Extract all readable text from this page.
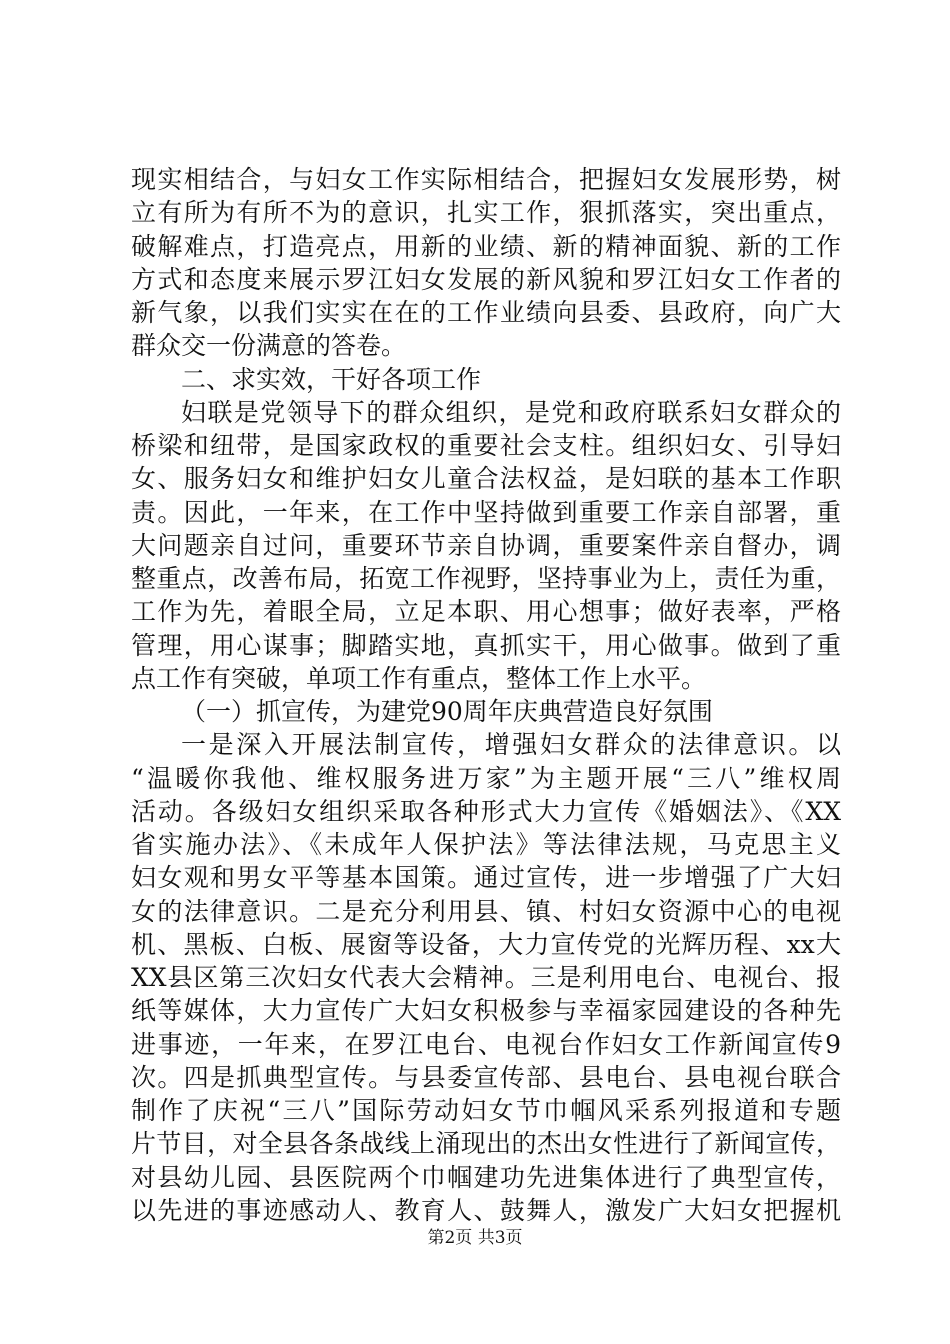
现实相结合，与妇女工作实际相结合，把握妇女发展形势，树
立有所为有所不为的意识，扎实工作，狠抓落实，突出重点，
破解难点，打造亮点，用新的业绩、新的精神面貌、新的工作
方式和态度来展示罗江妇女发展的新风貌和罗江妇女工作者的
新气象，以我们实实在在的工作业绩向县委、县政府，向广大
群众交一份满意的答卷。
二、求实效，干好各项工作
妇联是党领导下的群众组织，是党和政府联系妇女群众的
桥梁和纽带，是国家政权的重要社会支柱。组织妇女、引导妇
女、服务妇女和维护妇女儿童合法权益，是妇联的基本工作职
责。因此，一年来，在工作中坚持做到重要工作亲自部署，重
大问题亲自过问，重要环节亲自协调，重要案件亲自督办，调
整重点，改善布局，拓宽工作视野，坚持事业为上，责任为重，
工作为先，着眼全局，立足本职、用心想事；做好表率，严格
管理，用心谋事；脚踏实地，真抓实干，用心做事。做到了重
点工作有突破，单项工作有重点，整体工作上水平。
（一）抓宣传，为建党90周年庆典营造良好氛围
一是深入开展法制宣传，增强妇女群众的法律意识。以
“温暖你我他、维权服务进万家”为主题开展“三八”维权周
活动。各级妇女组织采取各种形式大力宣传《婚姻法》、《XX
省实施办法》、《未成年人保护法》等法律法规，马克思主义
妇女观和男女平等基本国策。通过宣传，进一步增强了广大妇
女的法律意识。二是充分利用县、镇、村妇女资源中心的电视
机、黑板、白板、展窗等设备，大力宣传党的光辉历程、xx大
XX县区第三次妇女代表大会精神。三是利用电台、电视台、报
纸等媒体，大力宣传广大妇女积极参与幸福家园建设的各种先
进事迹，一年来，在罗江电台、电视台作妇女工作新闻宣传9
次。四是抓典型宣传。与县委宣传部、县电台、县电视台联合
制作了庆祝“三八”国际劳动妇女节巾帼风采系列报道和专题
片节目，对全县各条战线上涌现出的杰出女性进行了新闻宣传，
对县幼儿园、县医院两个巾帼建功先进集体进行了典型宣传，
以先进的事迹感动人、教育人、鼓舞人，激发广大妇女把握机
第2页 共3页
